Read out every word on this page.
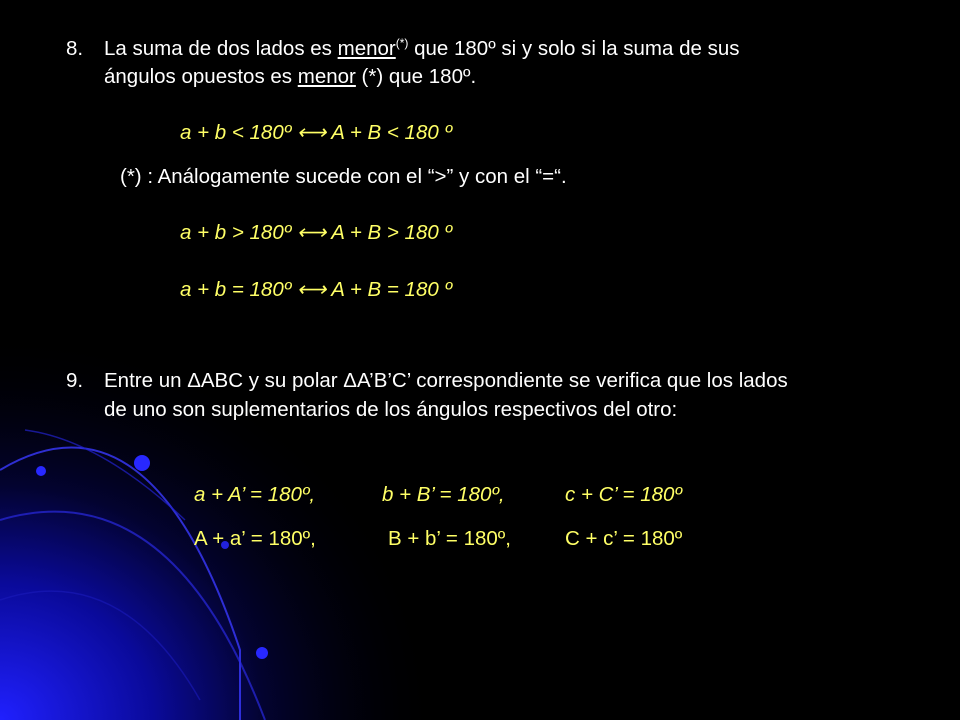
8. La suma de dos lados es menor(*) que 180º si y solo si la suma de sus
ángulos opuestos es menor (*) que 180º.
a + b < 180º ⟷ A + B < 180 º
(*) : Análogamente sucede con el “>” y con el “=“.
a + b > 180º ⟷ A + B > 180 º
a + b = 180º ⟷ A + B = 180 º
9. Entre un ΔABC y su polar ΔA’B’C’ correspondiente se verifica que los lados
de uno son suplementarios de los ángulos respectivos del otro:
a + A’ = 180º,	b + B’ = 180º,	c + C’ = 180º
A + a’ = 180º,	B + b’ = 180º,	C + c’ = 180º
